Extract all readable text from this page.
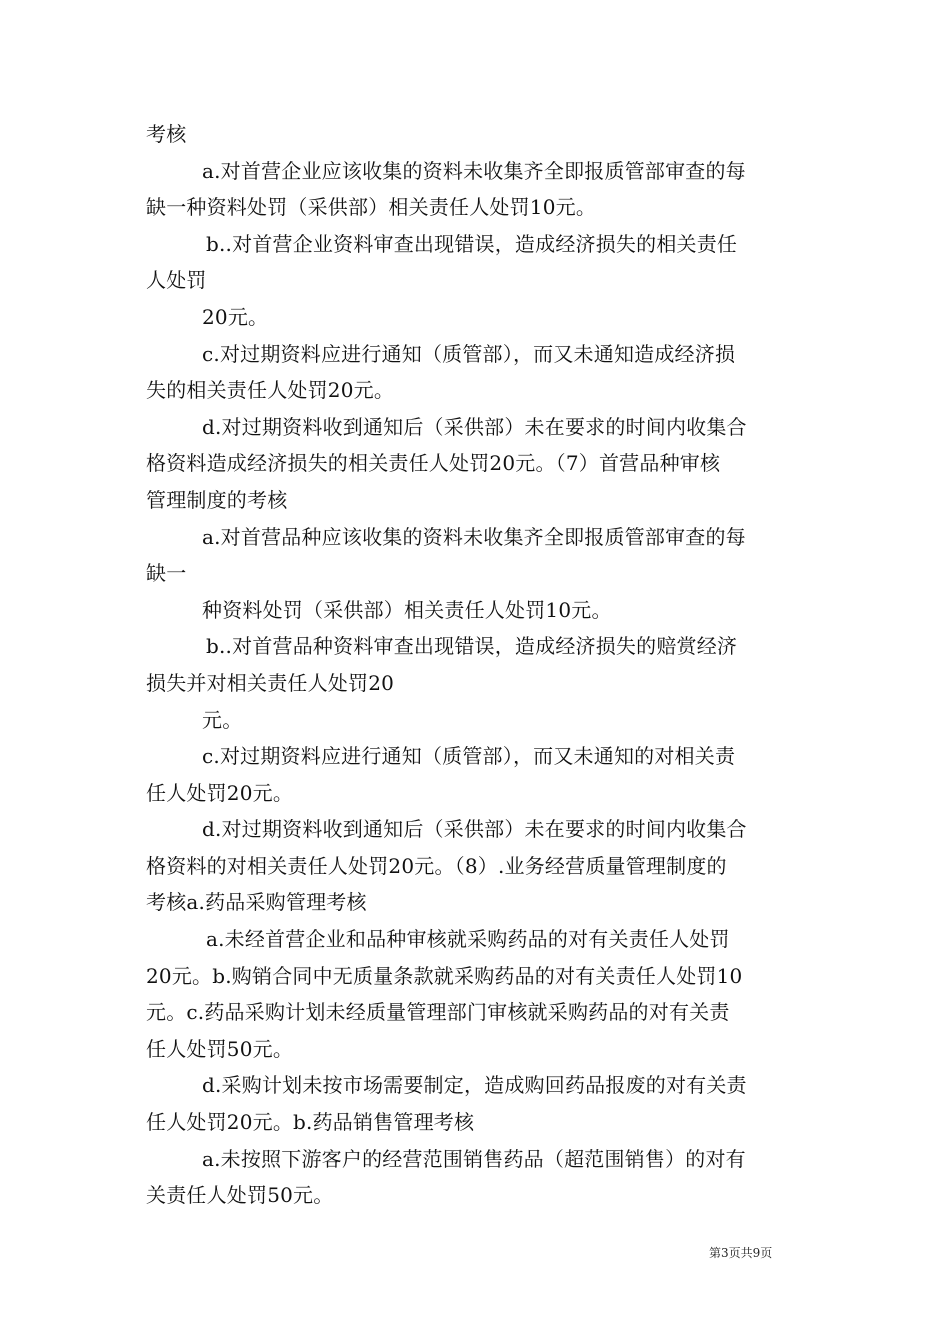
考核
a.对首营企业应该收集的资料未收集齐全即报质管部审查的每
缺一种资料处罚（采供部）相关责任人处罚10元。
b..对首营企业资料审查出现错误，造成经济损失的相关责任
人处罚
20元。
c.对过期资料应进行通知（质管部），而又未通知造成经济损
失的相关责任人处罚20元。
d.对过期资料收到通知后（采供部）未在要求的时间内收集合
格资料造成经济损失的相关责任人处罚20元。（7）首营品种审核
管理制度的考核
a.对首营品种应该收集的资料未收集齐全即报质管部审查的每
缺一
种资料处罚（采供部）相关责任人处罚10元。
b..对首营品种资料审查出现错误，造成经济损失的赔赏经济
损失并对相关责任人处罚20
元。
c.对过期资料应进行通知（质管部），而又未通知的对相关责
任人处罚20元。
d.对过期资料收到通知后（采供部）未在要求的时间内收集合
格资料的对相关责任人处罚20元。（8）.业务经营质量管理制度的
考核a.药品采购管理考核
a.未经首营企业和品种审核就采购药品的对有关责任人处罚
20元。b.购销合同中无质量条款就采购药品的对有关责任人处罚10
元。c.药品采购计划未经质量管理部门审核就采购药品的对有关责
任人处罚50元。
d.采购计划未按市场需要制定，造成购回药品报废的对有关责
任人处罚20元。b.药品销售管理考核
a.未按照下游客户的经营范围销售药品（超范围销售）的对有
关责任人处罚50元。
第3页共9页
